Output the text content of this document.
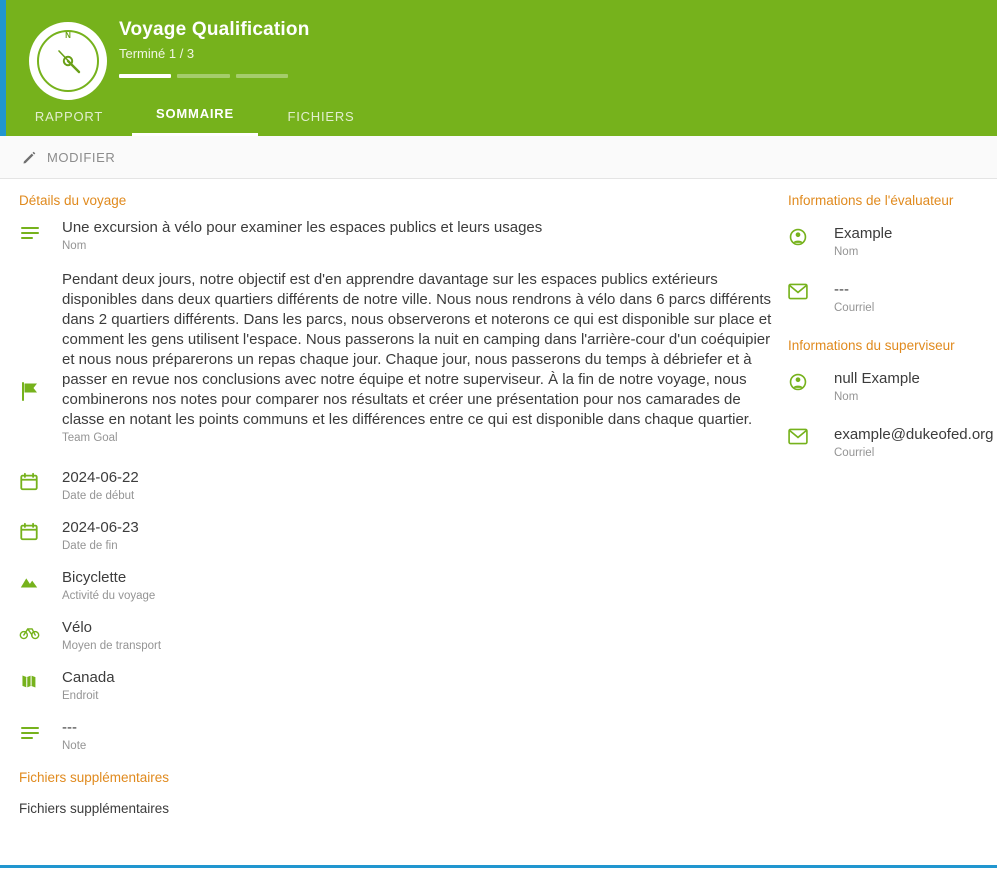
N	Voyage Qualification
Terminé 1 / 3
RAPPORT	SOMMAIRE	FICHIERS
MODIFIER
Détails du voyage
Une excursion à vélo pour examiner les espaces publics et leurs usages
Nom
Pendant deux jours, notre objectif est d'en apprendre davantage sur les espaces publics extérieurs disponibles dans deux quartiers différents de notre ville. Nous nous rendrons à vélo dans 6 parcs différents dans 2 quartiers différents. Dans les parcs, nous observerons et noterons ce qui est disponible sur place et comment les gens utilisent l'espace. Nous passerons la nuit en camping dans l'arrière-cour d'un coéquipier et nous nous préparerons un repas chaque jour. Chaque jour, nous passerons du temps à débriefer et à passer en revue nos conclusions avec notre équipe et notre superviseur. À la fin de notre voyage, nous combinerons nos notes pour comparer nos résultats et créer une présentation pour nos camarades de classe en notant les points communs et les différences entre ce qui est disponible dans chaque quartier.
Team Goal
2024-06-22
Date de début
2024-06-23
Date de fin
Bicyclette
Activité du voyage
Vélo
Moyen de transport
Canada
Endroit
---
Note
Fichiers supplémentaires
Fichiers supplémentaires
Informations de l'évaluateur
Example
Nom
---
Courriel
Informations du superviseur
null Example
Nom
example@dukeofed.org
Courriel
